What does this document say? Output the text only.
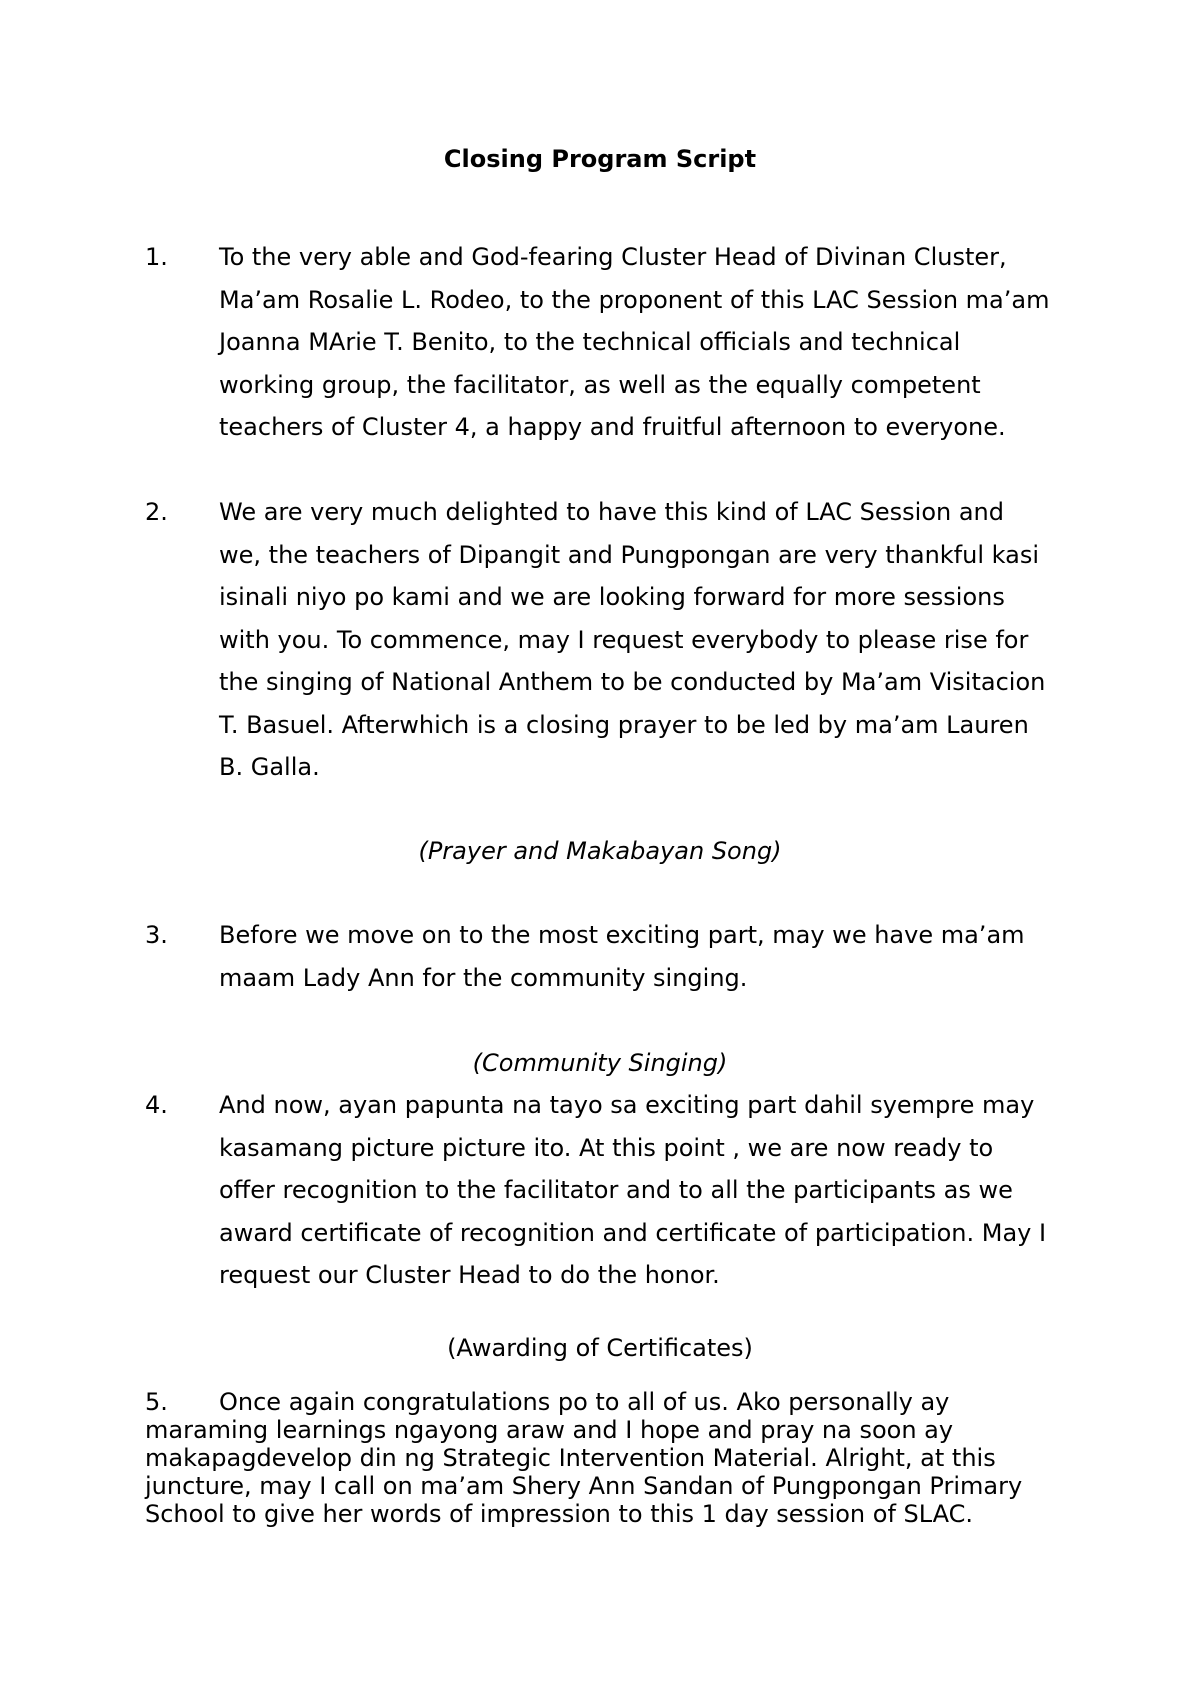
Closing Program Script
1. To the very able and God-fearing Cluster Head of Divinan Cluster,
Ma’am Rosalie L. Rodeo, to the proponent of this LAC Session ma’am
Joanna MArie T. Benito, to the technical officials and technical
working group, the facilitator, as well as the equally competent
teachers of Cluster 4, a happy and fruitful afternoon to everyone.
2. We are very much delighted to have this kind of LAC Session and
we, the teachers of Dipangit and Pungpongan are very thankful kasi
isinali niyo po kami and we are looking forward for more sessions
with you. To commence, may I request everybody to please rise for
the singing of National Anthem to be conducted by Ma’am Visitacion
T. Basuel. Afterwhich is a closing prayer to be led by ma’am Lauren
B. Galla.
(Prayer and Makabayan Song)
3. Before we move on to the most exciting part, may we have ma’am
maam Lady Ann for the community singing.
(Community Singing)
4. And now, ayan papunta na tayo sa exciting part dahil syempre may
kasamang picture picture ito. At this point , we are now ready to
offer recognition to the facilitator and to all the participants as we
award certificate of recognition and certificate of participation. May I
request our Cluster Head to do the honor.
(Awarding of Certificates)
5. Once again congratulations po to all of us. Ako personally ay
maraming learnings ngayong araw and I hope and pray na soon ay
makapagdevelop din ng Strategic Intervention Material. Alright, at this
juncture, may I call on ma’am Shery Ann Sandan of Pungpongan Primary
School to give her words of impression to this 1 day session of SLAC.
